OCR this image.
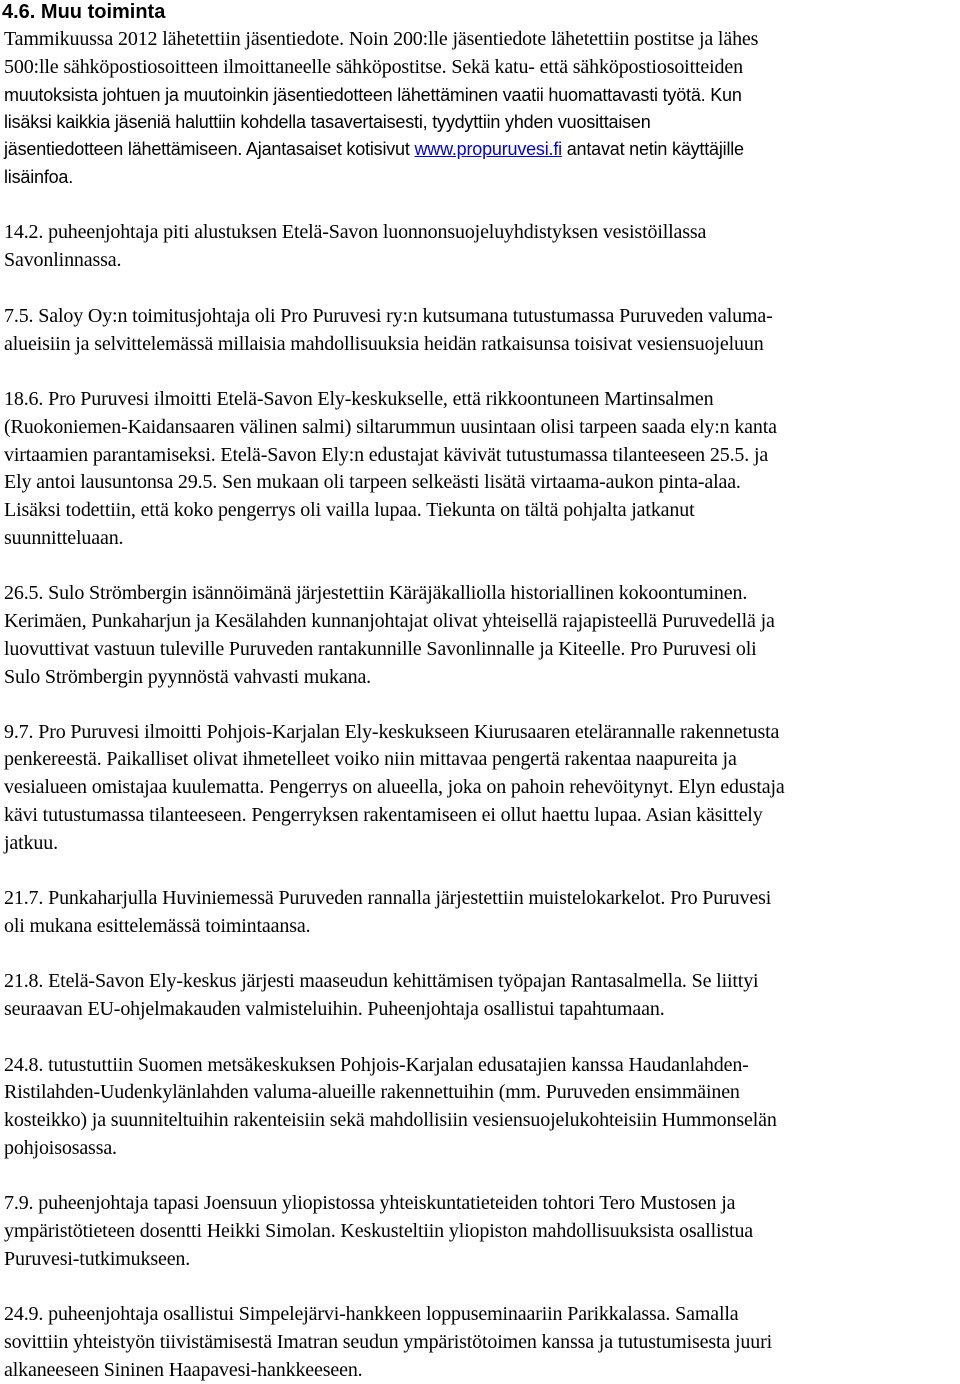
4.6. Muu toiminta
Tammikuussa 2012 lähetettiin jäsentiedote. Noin 200:lle jäsentiedote lähetettiin postitse ja lähes
500:lle sähköpostiosoitteen ilmoittaneelle sähköpostitse. Sekä katu- että sähköpostiosoitteiden
muutoksista johtuen ja muutoinkin jäsentiedotteen lähettäminen vaatii huomattavasti työtä. Kun
lisäksi kaikkia jäseniä haluttiin kohdella tasavertaisesti, tyydyttiin yhden vuosittaisen
jäsentiedotteen lähettämiseen. Ajantasaiset kotisivut www.propuruvesi.fi antavat netin käyttäjille
lisäinfoa.
14.2. puheenjohtaja piti alustuksen Etelä-Savon luonnonsuojeluyhdistyksen vesistöillassa
Savonlinnassa.
7.5. Saloy Oy:n toimitusjohtaja oli Pro Puruvesi ry:n kutsumana tutustumassa Puruveden valuma-
alueisiin ja selvittelemässä millaisia mahdollisuuksia heidän ratkaisunsa toisivat vesiensuojeluun
18.6. Pro Puruvesi ilmoitti Etelä-Savon Ely-keskukselle, että rikkoontuneen Martinsalmen
(Ruokoniemen-Kaidansaaren välinen salmi) siltarummun uusintaan olisi tarpeen saada ely:n kanta
virtaamien parantamiseksi. Etelä-Savon Ely:n edustajat kävivät tutustumassa tilanteeseen 25.5. ja
Ely antoi lausuntonsa 29.5. Sen mukaan oli tarpeen selkeästi lisätä virtaama-aukon pinta-alaa.
Lisäksi todettiin, että koko pengerrys oli vailla lupaa. Tiekunta on tältä pohjalta jatkanut
suunnitteluaan.
26.5. Sulo Strömbergin isännöimänä järjestettiin Käräjäkalliolla historiallinen kokoontuminen.
Kerimäen, Punkaharjun ja Kesälahden kunnanjohtajat olivat yhteisellä rajapisteellä Puruvedellä ja
luovuttivat vastuun tuleville Puruveden rantakunnille Savonlinnalle ja Kiteelle. Pro Puruvesi oli
Sulo Strömbergin pyynnöstä vahvasti mukana.
9.7. Pro Puruvesi ilmoitti Pohjois-Karjalan Ely-keskukseen Kiurusaaren etelärannalle rakennetusta
penkereestä. Paikalliset olivat ihmetelleet voiko niin mittavaa pengertä rakentaa naapureita ja
vesialueen omistajaa kuulematta. Pengerrys on alueella, joka on pahoin rehevöitynyt. Elyn edustaja
kävi tutustumassa tilanteeseen. Pengerryksen rakentamiseen ei ollut haettu lupaa. Asian käsittely
jatkuu.
21.7. Punkaharjulla Huviniemessä Puruveden rannalla järjestettiin muistelokarkelot. Pro Puruvesi
oli mukana esittelemässä toimintaansa.
21.8. Etelä-Savon Ely-keskus järjesti maaseudun kehittämisen työpajan Rantasalmella. Se liittyi
seuraavan EU-ohjelmakauden valmisteluihin. Puheenjohtaja osallistui tapahtumaan.
24.8. tutustuttiin Suomen metsäkeskuksen Pohjois-Karjalan edusatajien kanssa Haudanlahden-
Ristilahden-Uudenkylänlahden valuma-alueille rakennettuihin (mm. Puruveden ensimmäinen
kosteikko) ja suunniteltuihin rakenteisiin sekä mahdollisiin vesiensuojelukohteisiin Hummonselän
pohjoisosassa.
7.9. puheenjohtaja tapasi Joensuun yliopistossa yhteiskuntatieteiden tohtori Tero Mustosen ja
ympäristötieteen dosentti Heikki Simolan. Keskusteltiin yliopiston mahdollisuuksista osallistua
Puruvesi-tutkimukseen.
24.9. puheenjohtaja osallistui Simpelejärvi-hankkeen loppuseminaariin Parikkalassa. Samalla
sovittiin yhteistyön tiivistämisestä Imatran seudun ympäristötoimen kanssa ja tutustumisesta juuri
alkaneeseen Sininen Haapavesi-hankkeeseen.
